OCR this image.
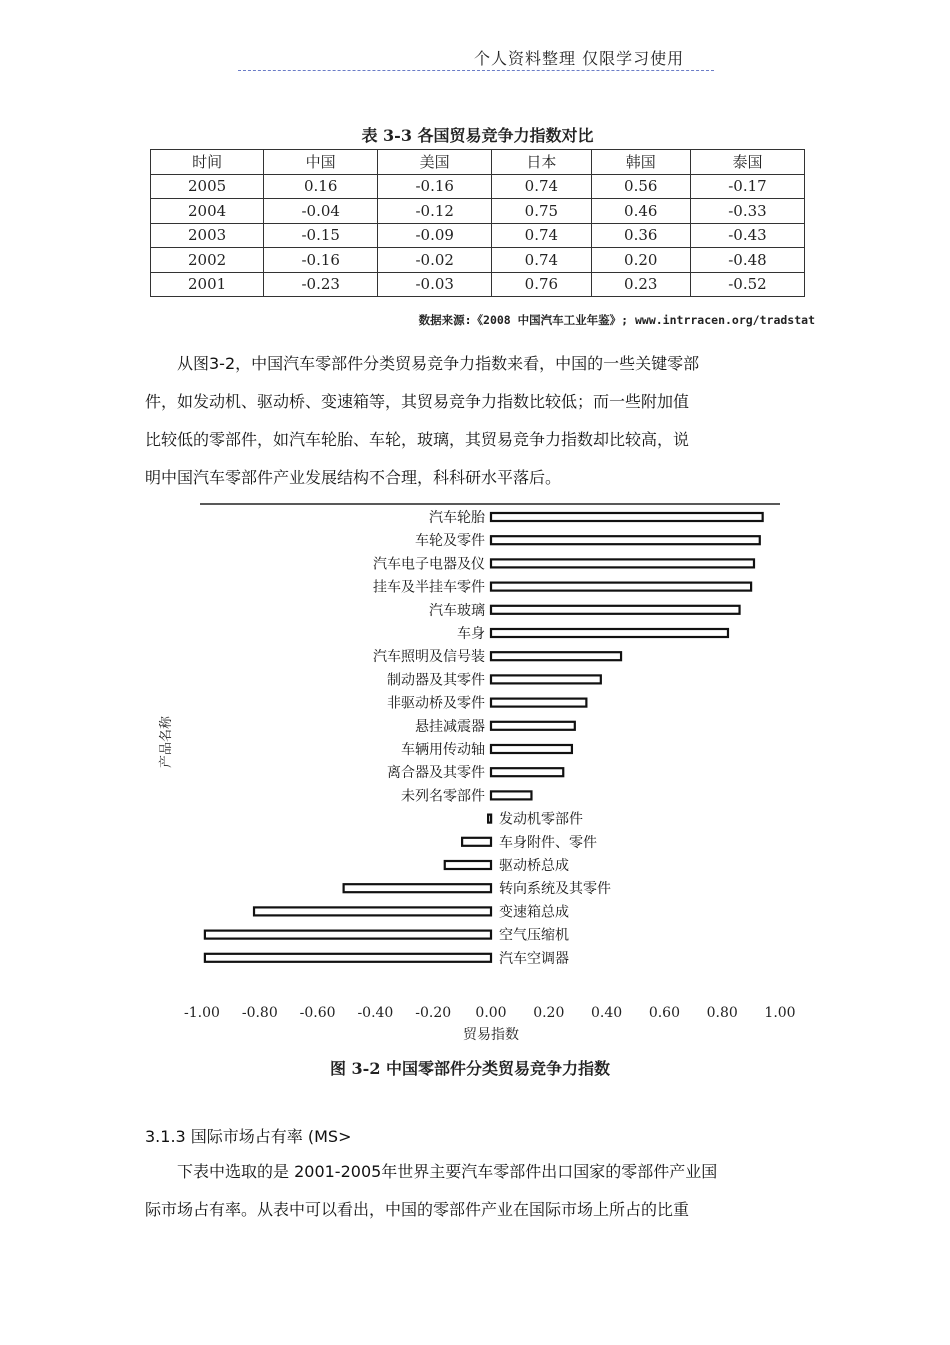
个人资料整理 仅限学习使用
表 3-3 各国贸易竞争力指数对比
时间	中国	美国	日本	韩国	泰国
2005	0.16	-0.16	0.74	0.56	-0.17
2004	-0.04	-0.12	0.75	0.46	-0.33
2003	-0.15	-0.09	0.74	0.36	-0.43
2002	-0.16	-0.02	0.74	0.20	-0.48
2001	-0.23	-0.03	0.76	0.23	-0.52
数据来源:《2008 中国汽车工业年鉴》; www.intrracen.org/tradstat

从图3-2，中国汽车零部件分类贸易竞争力指数来看，中国的一些关键零部

件，如发动机、驱动桥、变速箱等，其贸易竞争力指数比较低；而一些附加值

比较低的零部件，如汽车轮胎、车轮，玻璃，其贸易竞争力指数却比较高，说

明中国汽车零部件产业发展结构不合理，科科研水平落后。

汽车轮胎
车轮及零件
汽车电子电器及仪
挂车及半挂车零件
汽车玻璃
车身
汽车照明及信号装
制动器及其零件
非驱动桥及零件
悬挂减震器
车辆用传动轴
离合器及其零件
未列名零部件
发动机零部件
车身附件、零件
驱动桥总成
转向系统及其零件
变速箱总成
空气压缩机
汽车空调器
-1.00 -0.80 -0.60 -0.40 -0.20 0.00 0.20 0.40 0.60 0.80 1.00
贸易指数
产品名称
图 3-2 中国零部件分类贸易竞争力指数
3.1.3 国际市场占有率 (MS>

下表中选取的是 2001-2005年世界主要汽车零部件出口国家的零部件产业国

际市场占有率。从表中可以看出，中国的零部件产业在国际市场上所占的比重
